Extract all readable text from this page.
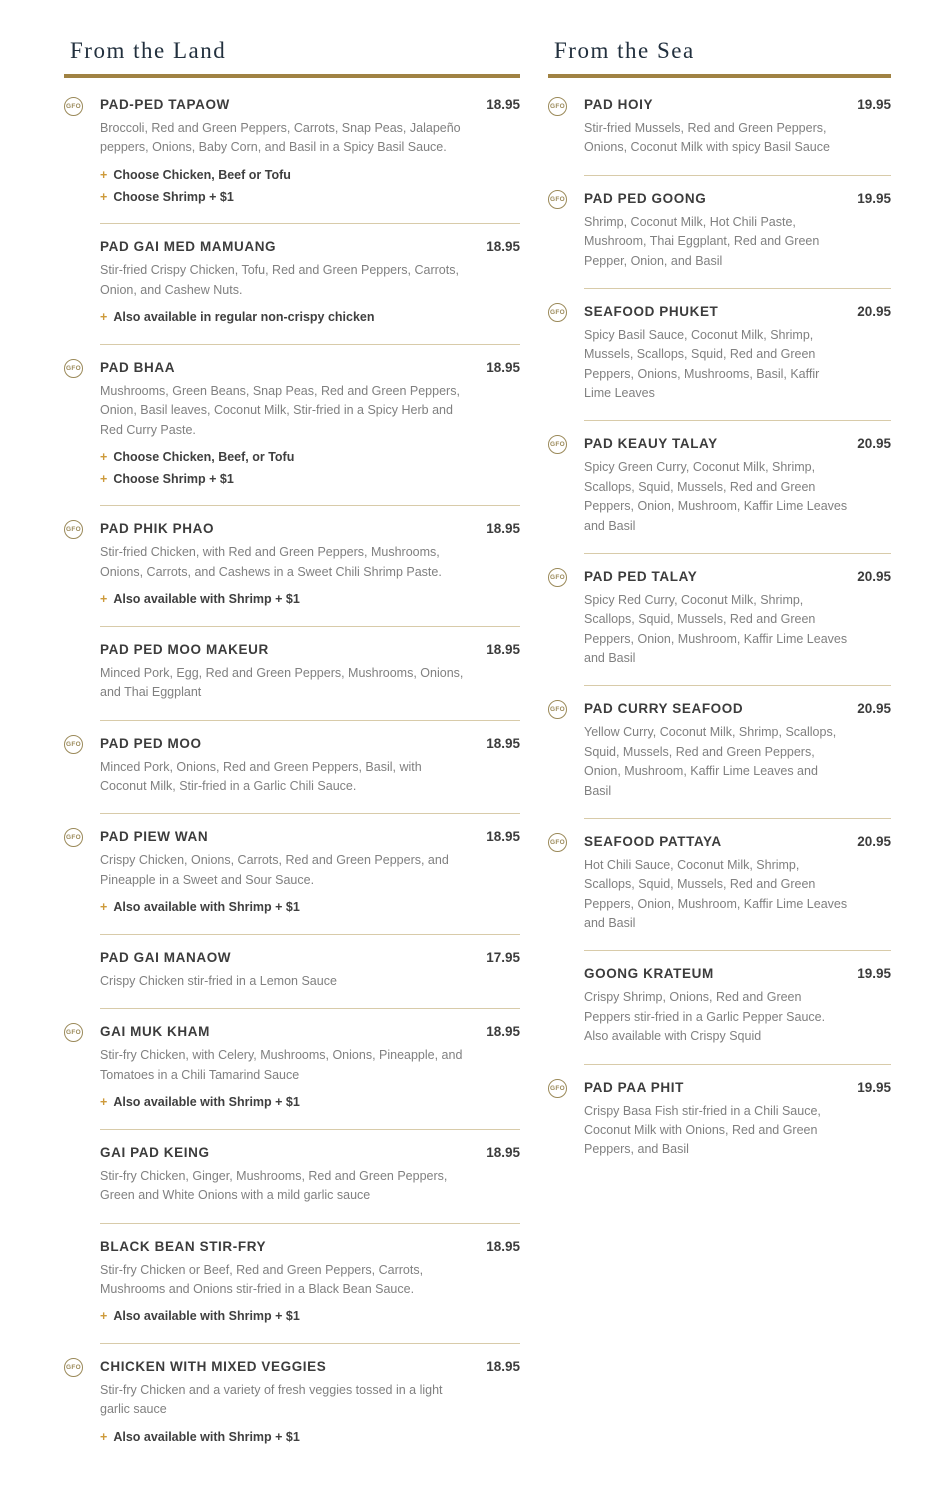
From the Land
GFO PAD-PED TAPAOW	18.95
Broccoli, Red and Green Peppers, Carrots, Snap Peas, Jalapeño peppers, Onions, Baby Corn, and Basil in a Spicy Basil Sauce.
+ Choose Chicken, Beef or Tofu
+ Choose Shrimp + $1
PAD GAI MED MAMUANG	18.95
Stir-fried Crispy Chicken, Tofu, Red and Green Peppers, Carrots, Onion, and Cashew Nuts.
+ Also available in regular non-crispy chicken
GFO PAD BHAA	18.95
Mushrooms, Green Beans, Snap Peas, Red and Green Peppers, Onion, Basil leaves, Coconut Milk, Stir-fried in a Spicy Herb and Red Curry Paste.
+ Choose Chicken, Beef, or Tofu
+ Choose Shrimp + $1
GFO PAD PHIK PHAO	18.95
Stir-fried Chicken, with Red and Green Peppers, Mushrooms, Onions, Carrots, and Cashews in a Sweet Chili Shrimp Paste.
+ Also available with Shrimp + $1
PAD PED MOO MAKEUR	18.95
Minced Pork, Egg, Red and Green Peppers, Mushrooms, Onions, and Thai Eggplant
GFO PAD PED MOO	18.95
Minced Pork, Onions, Red and Green Peppers, Basil, with Coconut Milk, Stir-fried in a Garlic Chili Sauce.
GFO PAD PIEW WAN	18.95
Crispy Chicken, Onions, Carrots, Red and Green Peppers, and Pineapple in a Sweet and Sour Sauce.
+ Also available with Shrimp + $1
PAD GAI MANAOW	17.95
Crispy Chicken stir-fried in a Lemon Sauce
GFO GAI MUK KHAM	18.95
Stir-fry Chicken, with Celery, Mushrooms, Onions, Pineapple, and Tomatoes in a Chili Tamarind Sauce
+ Also available with Shrimp + $1
GAI PAD KEING	18.95
Stir-fry Chicken, Ginger, Mushrooms, Red and Green Peppers, Green and White Onions with a mild garlic sauce
BLACK BEAN STIR-FRY	18.95
Stir-fry Chicken or Beef, Red and Green Peppers, Carrots, Mushrooms and Onions stir-fried in a Black Bean Sauce.
+ Also available with Shrimp + $1
GFO CHICKEN WITH MIXED VEGGIES	18.95
Stir-fry Chicken and a variety of fresh veggies tossed in a light garlic sauce
+ Also available with Shrimp + $1
From the Sea
GFO PAD HOIY	19.95
Stir-fried Mussels, Red and Green Peppers, Onions, Coconut Milk with spicy Basil Sauce
GFO PAD PED GOONG	19.95
Shrimp, Coconut Milk, Hot Chili Paste, Mushroom, Thai Eggplant, Red and Green Pepper, Onion, and Basil
GFO SEAFOOD PHUKET	20.95
Spicy Basil Sauce, Coconut Milk, Shrimp, Mussels, Scallops, Squid, Red and Green Peppers, Onions, Mushrooms, Basil, Kaffir Lime Leaves
GFO PAD KEAUY TALAY	20.95
Spicy Green Curry, Coconut Milk, Shrimp, Scallops, Squid, Mussels, Red and Green Peppers, Onion, Mushroom, Kaffir Lime Leaves and Basil
GFO PAD PED TALAY	20.95
Spicy Red Curry, Coconut Milk, Shrimp, Scallops, Squid, Mussels, Red and Green Peppers, Onion, Mushroom, Kaffir Lime Leaves and Basil
GFO PAD CURRY SEAFOOD	20.95
Yellow Curry, Coconut Milk, Shrimp, Scallops, Squid, Mussels, Red and Green Peppers, Onion, Mushroom, Kaffir Lime Leaves and Basil
GFO SEAFOOD PATTAYA	20.95
Hot Chili Sauce, Coconut Milk, Shrimp, Scallops, Squid, Mussels, Red and Green Peppers, Onion, Mushroom, Kaffir Lime Leaves and Basil
GOONG KRATEUM	19.95
Crispy Shrimp, Onions, Red and Green Peppers stir-fried in a Garlic Pepper Sauce. Also available with Crispy Squid
GFO PAD PAA PHIT	19.95
Crispy Basa Fish stir-fried in a Chili Sauce, Coconut Milk with Onions, Red and Green Peppers, and Basil
